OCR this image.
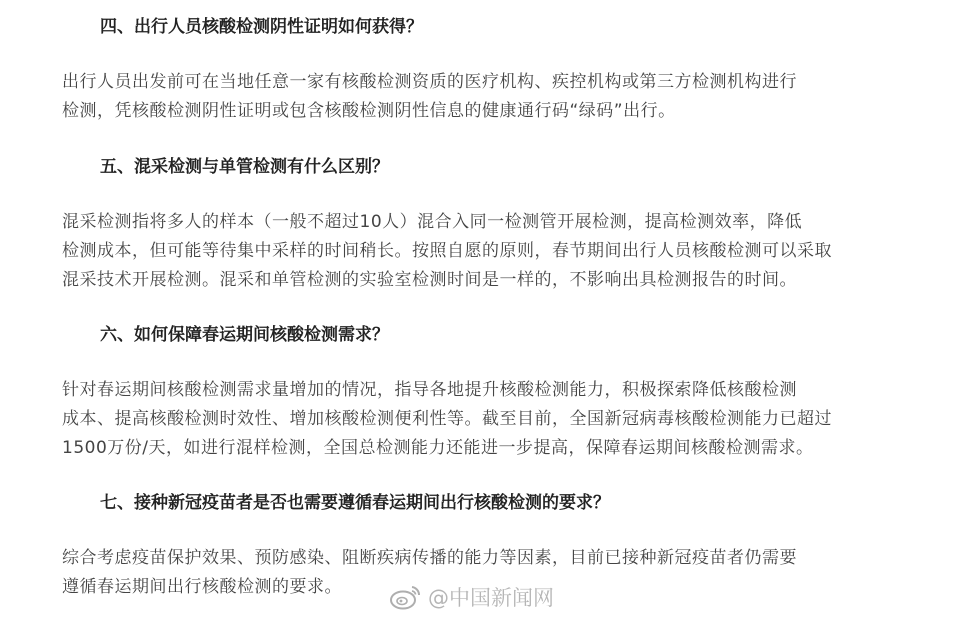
四、出行人员核酸检测阴性证明如何获得？

出行人员出发前可在当地任意一家有核酸检测资质的医疗机构、疾控机构或第三方检测机构进行

检测，凭核酸检测阴性证明或包含核酸检测阴性信息的健康通行码“绿码”出行。

五、混采检测与单管检测有什么区别？

混采检测指将多人的样本（一般不超过10人）混合入同一检测管开展检测，提高检测效率，降低

检测成本，但可能等待集中采样的时间稍长。按照自愿的原则，春节期间出行人员核酸检测可以采取

混采技术开展检测。混采和单管检测的实验室检测时间是一样的，不影响出具检测报告的时间。

六、如何保障春运期间核酸检测需求？

针对春运期间核酸检测需求量增加的情况，指导各地提升核酸检测能力，积极探索降低核酸检测

成本、提高核酸检测时效性、增加核酸检测便利性等。截至目前，全国新冠病毒核酸检测能力已超过

1500万份/天，如进行混样检测，全国总检测能力还能进一步提高，保障春运期间核酸检测需求。

七、接种新冠疫苗者是否也需要遵循春运期间出行核酸检测的要求？

综合考虑疫苗保护效果、预防感染、阻断疾病传播的能力等因素，目前已接种新冠疫苗者仍需要

遵循春运期间出行核酸检测的要求。	@中国新闻网
